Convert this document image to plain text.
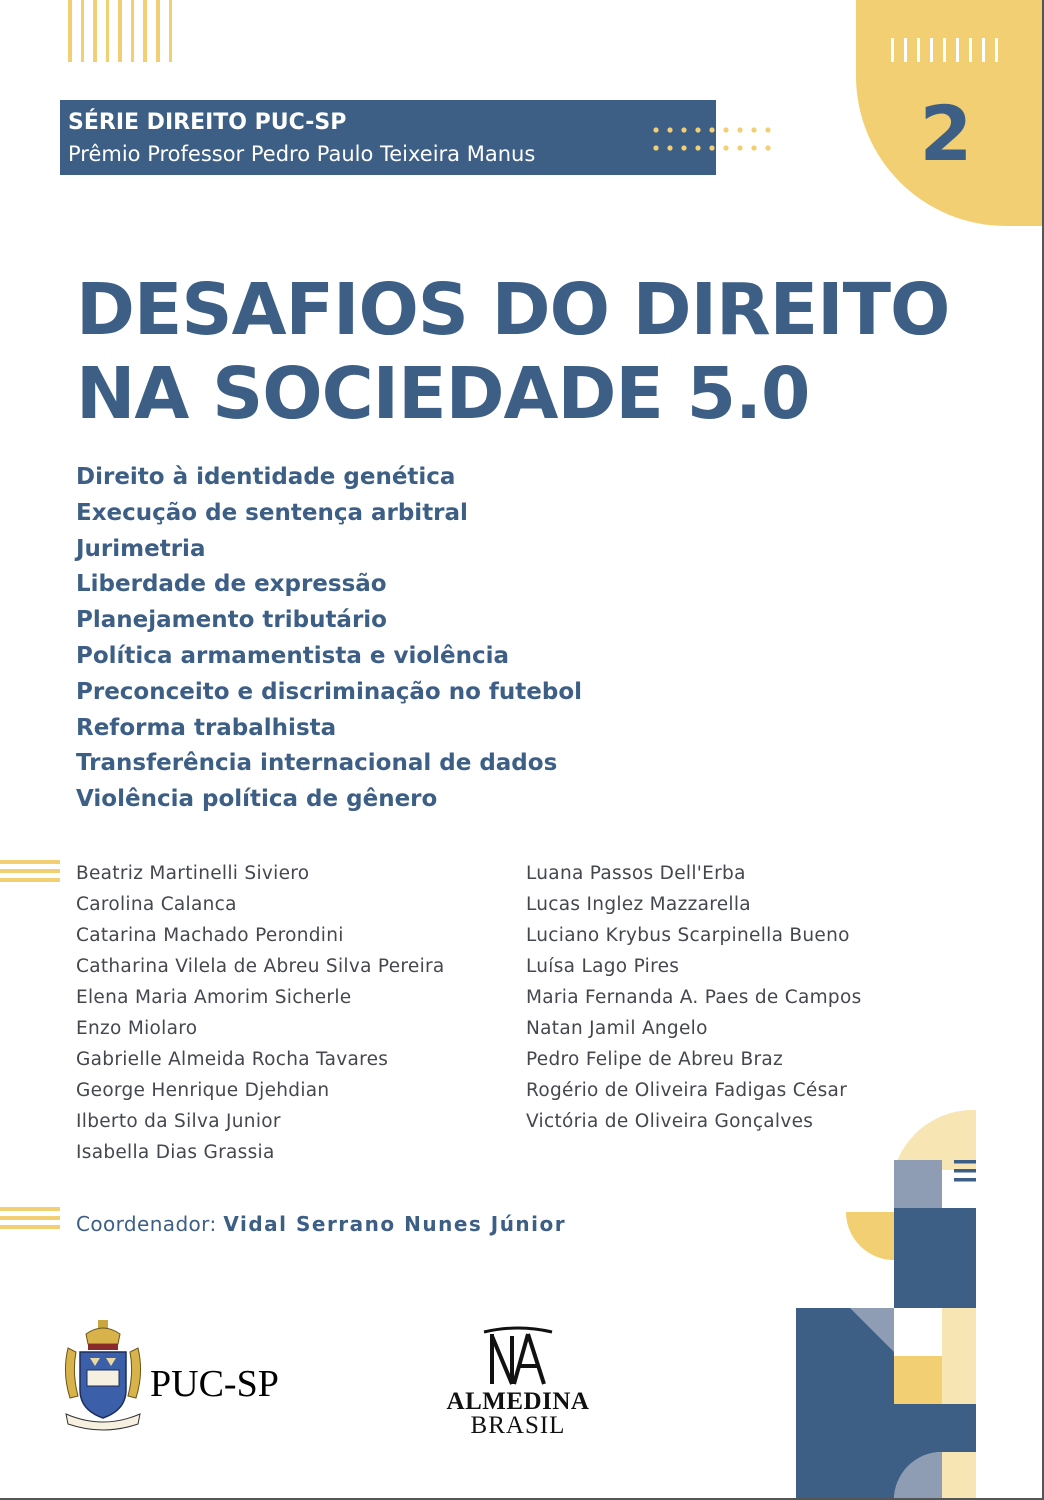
SÉRIE DIREITO PUC-SP
Prêmio Professor Pedro Paulo Teixeira Manus	2
DESAFIOS DO DIREITO
NA SOCIEDADE 5.0
Direito à identidade genética
Execução de sentença arbitral
Jurimetria
Liberdade de expressão
Planejamento tributário
Política armamentista e violência
Preconceito e discriminação no futebol
Reforma trabalhista
Transferência internacional de dados
Violência política de gênero
Beatriz Martinelli Siviero
Carolina Calanca
Catarina Machado Perondini
Catharina Vilela de Abreu Silva Pereira
Elena Maria Amorim Sicherle
Enzo Miolaro
Gabrielle Almeida Rocha Tavares
George Henrique Djehdian
Ilberto da Silva Junior
Isabella Dias Grassia
Luana Passos Dell'Erba
Lucas Inglez Mazzarella
Luciano Krybus Scarpinella Bueno
Luísa Lago Pires
Maria Fernanda A. Paes de Campos
Natan Jamil Angelo
Pedro Felipe de Abreu Braz
Rogério de Oliveira Fadigas César
Victória de Oliveira Gonçalves
Coordenador: Vidal Serrano Nunes Júnior
PUC-SP	ALMEDINA
BRASIL
